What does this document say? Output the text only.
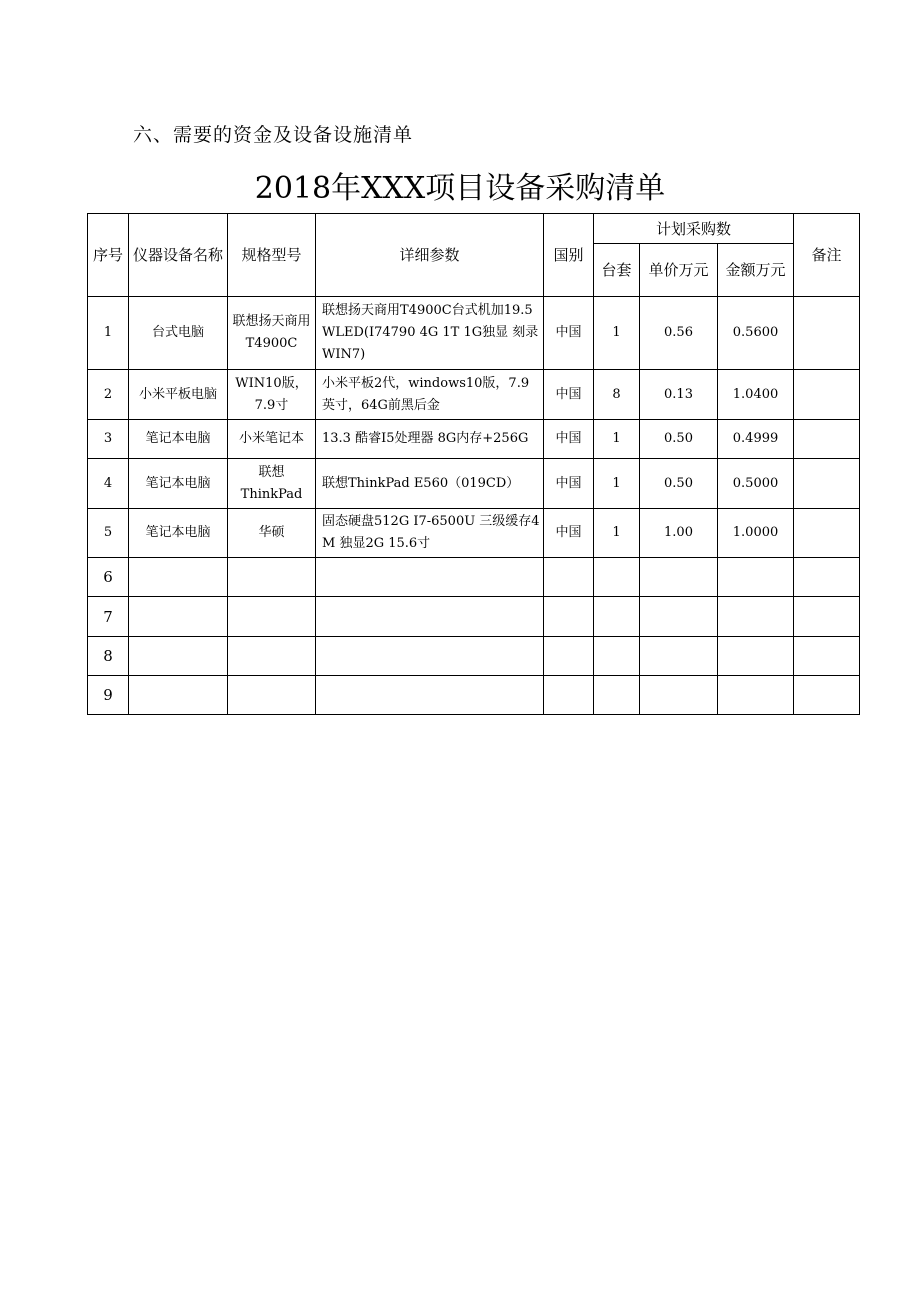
六、需要的资金及设备设施清单
2018年XXX项目设备采购清单
序号	仪器设备名称	规格型号	详细参数	国别	计划采购数			备注
					台套	单价万元	金额万元	
1	台式电脑	联想扬天商用T4900C	联想扬天商用T4900C台式机加19.5WLED(I74790 4G 1T 1G独显 刻录WIN7)	中国	1	0.56	0.5600	
2	小米平板电脑	WIN10版，7.9寸	小米平板2代，windows10版，7.9英寸，64G前黑后金	中国	8	0.13	1.0400	
3	笔记本电脑	小米笔记本	13.3 酷睿I5处理器 8G内存+256G	中国	1	0.50	0.4999	
4	笔记本电脑	联想ThinkPad	联想ThinkPad E560（019CD）	中国	1	0.50	0.5000	
5	笔记本电脑	华硕	固态硬盘512G I7-6500U 三级缓存4M 独显2G 15.6寸	中国	1	1.00	1.0000	
6								
7								
8								
9								
